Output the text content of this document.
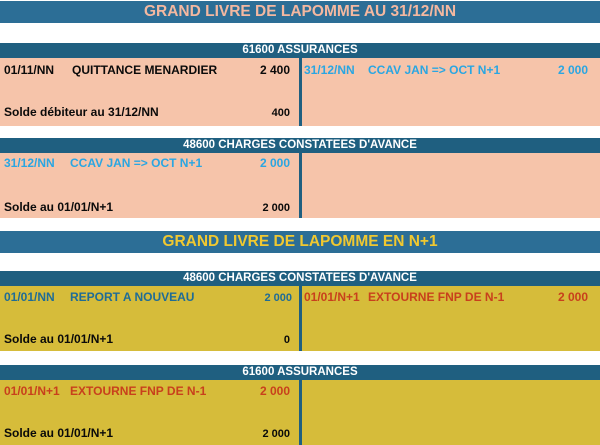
GRAND LIVRE DE LAPOMME AU 31/12/NN
61600 ASSURANCES
01/11/NN QUITTANCE MENARDIER	2 400 31/12/NN CCAV JAN => OCT N+1	2 000
Solde débiteur au 31/12/NN	400
48600 CHARGES CONSTATEES D'AVANCE
31/12/NN CCAV JAN => OCT N+1	2 000
Solde au 01/01/N+1	2 000
GRAND LIVRE DE LAPOMME EN N+1
48600 CHARGES CONSTATEES D'AVANCE
01/01/NN REPORT A NOUVEAU	2 000 01/01/N+1 EXTOURNE FNP DE N-1	2 000
Solde au 01/01/N+1	0
61600 ASSURANCES
01/01/N+1 EXTOURNE FNP DE N-1	2 000
Solde au 01/01/N+1	2 000
